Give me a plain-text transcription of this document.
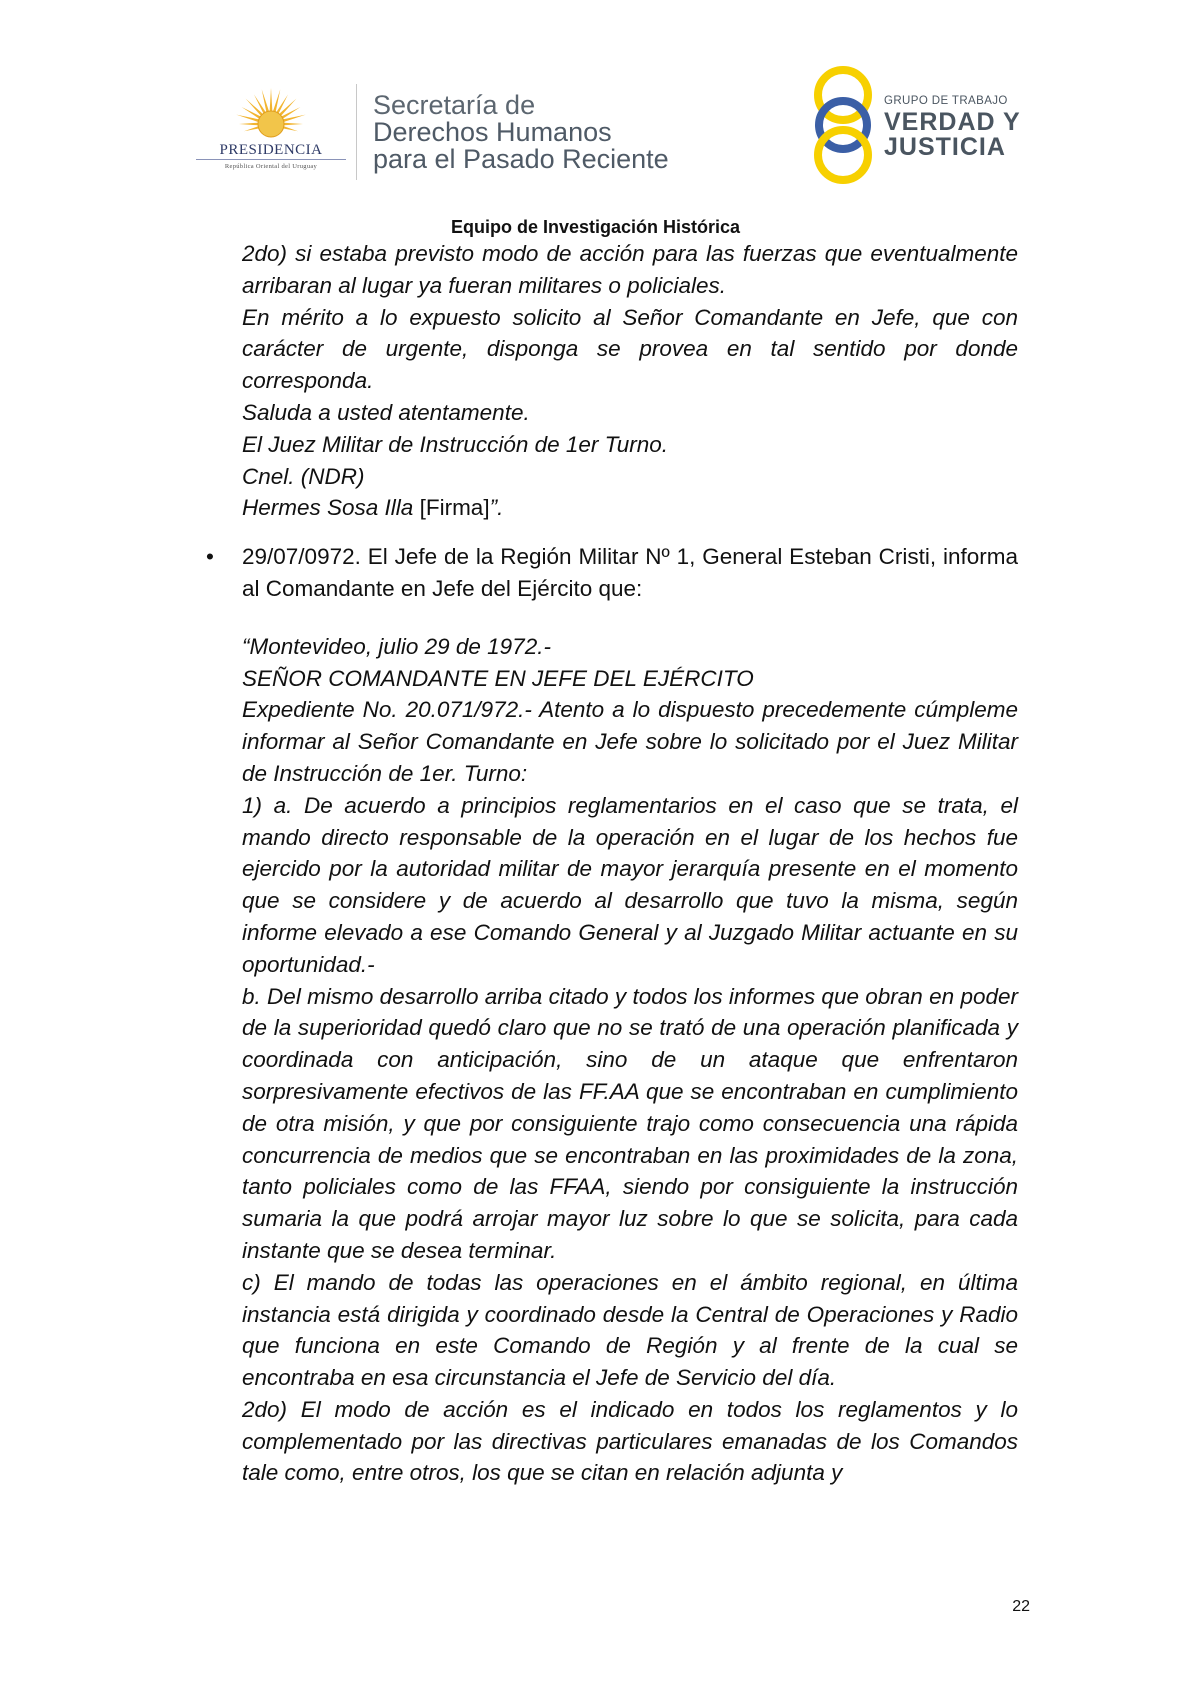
PRESIDENCIA
República Oriental del Uruguay
Secretaría de
Derechos Humanos
para el Pasado Reciente
GRUPO DE TRABAJO
VERDAD Y
JUSTICIA
Equipo de Investigación Histórica

2do) si estaba previsto modo de acción para las fuerzas que eventualmente arribaran al lugar ya fueran militares o policiales.

En mérito a lo expuesto solicito al Señor Comandante en Jefe, que con carácter de urgente, disponga se provea en tal sentido por donde corresponda.

Saluda a usted atentamente.

El Juez Militar de Instrucción de 1er Turno.

Cnel. (NDR)

Hermes Sosa Illa [Firma]”.

• 29/07/0972. El Jefe de la Región Militar Nº 1, General Esteban Cristi, informa al Comandante en Jefe del Ejército que:

“Montevideo, julio 29 de 1972.-

SEÑOR COMANDANTE EN JEFE DEL EJÉRCITO

Expediente No. 20.071/972.- Atento a lo dispuesto precedemente cúmpleme informar al Señor Comandante en Jefe sobre lo solicitado por el Juez Militar de Instrucción de 1er. Turno:

1) a. De acuerdo a principios reglamentarios en el caso que se trata, el mando directo responsable de la operación en el lugar de los hechos fue ejercido por la autoridad militar de mayor jerarquía presente en el momento que se considere y de acuerdo al desarrollo que tuvo la misma, según informe elevado a ese Comando General y al Juzgado Militar actuante en su oportunidad.-

b. Del mismo desarrollo arriba citado y todos los informes que obran en poder de la superioridad quedó claro que no se trató de una operación planificada y coordinada con anticipación, sino de un ataque que enfrentaron sorpresivamente efectivos de las FF.AA que se encontraban en cumplimiento de otra misión, y que por consiguiente trajo como consecuencia una rápida concurrencia de medios que se encontraban en las proximidades de la zona, tanto policiales como de las FFAA, siendo por consiguiente la instrucción sumaria la que podrá arrojar mayor luz sobre lo que se solicita, para cada instante que se desea terminar.

c) El mando de todas las operaciones en el ámbito regional, en última instancia está dirigida y coordinado desde la Central de Operaciones y Radio que funciona en este Comando de Región y al frente de la cual se encontraba en esa circunstancia el Jefe de Servicio del día.

2do) El modo de acción es el indicado en todos los reglamentos y lo complementado por las directivas particulares emanadas de los Comandos tale como, entre otros, los que se citan en relación adjunta y

22
